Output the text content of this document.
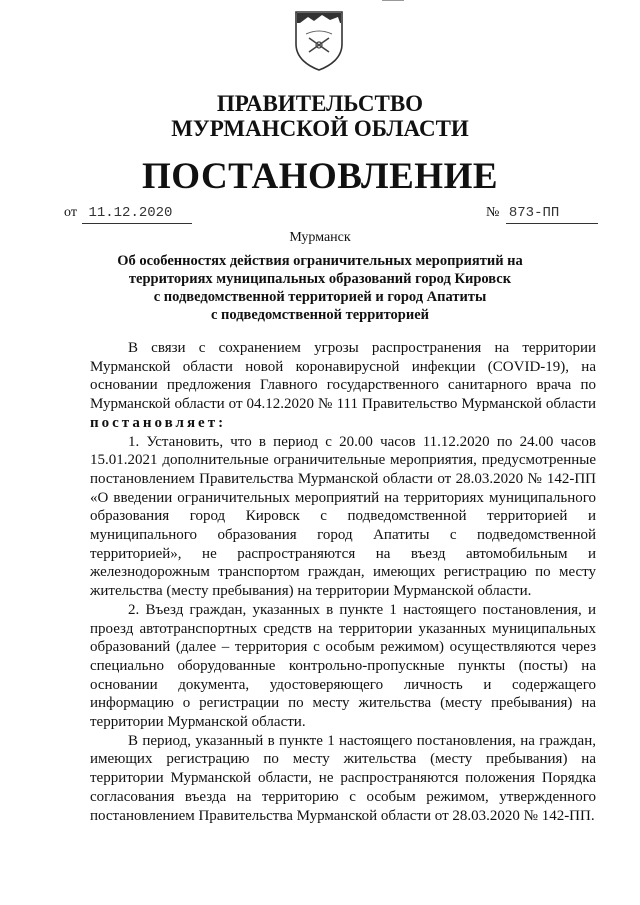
ПРАВИТЕЛЬСТВО
МУРМАНСКОЙ ОБЛАСТИ
ПОСТАНОВЛЕНИЕ
от 11.12.2020	№ 873-ПП
Мурманск
Об особенностях действия ограничительных мероприятий на
территориях муниципальных образований город Кировск
с подведомственной территорией и город Апатиты
с подведомственной территорией

В связи с сохранением угрозы распространения на территории Мурманской области новой коронавирусной инфекции (COVID-19), на основании предложения Главного государственного санитарного врача по Мурманской области от 04.12.2020 № 111 Правительство Мурманской области постановляет:

1. Установить, что в период с 20.00 часов 11.12.2020 по 24.00 часов 15.01.2021 дополнительные ограничительные мероприятия, предусмотренные постановлением Правительства Мурманской области от 28.03.2020 № 142-ПП «О введении ограничительных мероприятий на территориях муниципального образования город Кировск с подведомственной территорией и муниципального образования город Апатиты с подведомственной территорией», не распространяются на въезд автомобильным и железнодорожным транспортом граждан, имеющих регистрацию по месту жительства (месту пребывания) на территории Мурманской области.

2. Въезд граждан, указанных в пункте 1 настоящего постановления, и проезд автотранспортных средств на территории указанных муниципальных образований (далее – территория с особым режимом) осуществляются через специально оборудованные контрольно-пропускные пункты (посты) на основании документа, удостоверяющего личность и содержащего информацию о регистрации по месту жительства (месту пребывания) на территории Мурманской области.

В период, указанный в пункте 1 настоящего постановления, на граждан, имеющих регистрацию по месту жительства (месту пребывания) на территории Мурманской области, не распространяются положения Порядка согласования въезда на территорию с особым режимом, утвержденного постановлением Правительства Мурманской области от 28.03.2020 № 142-ПП.
